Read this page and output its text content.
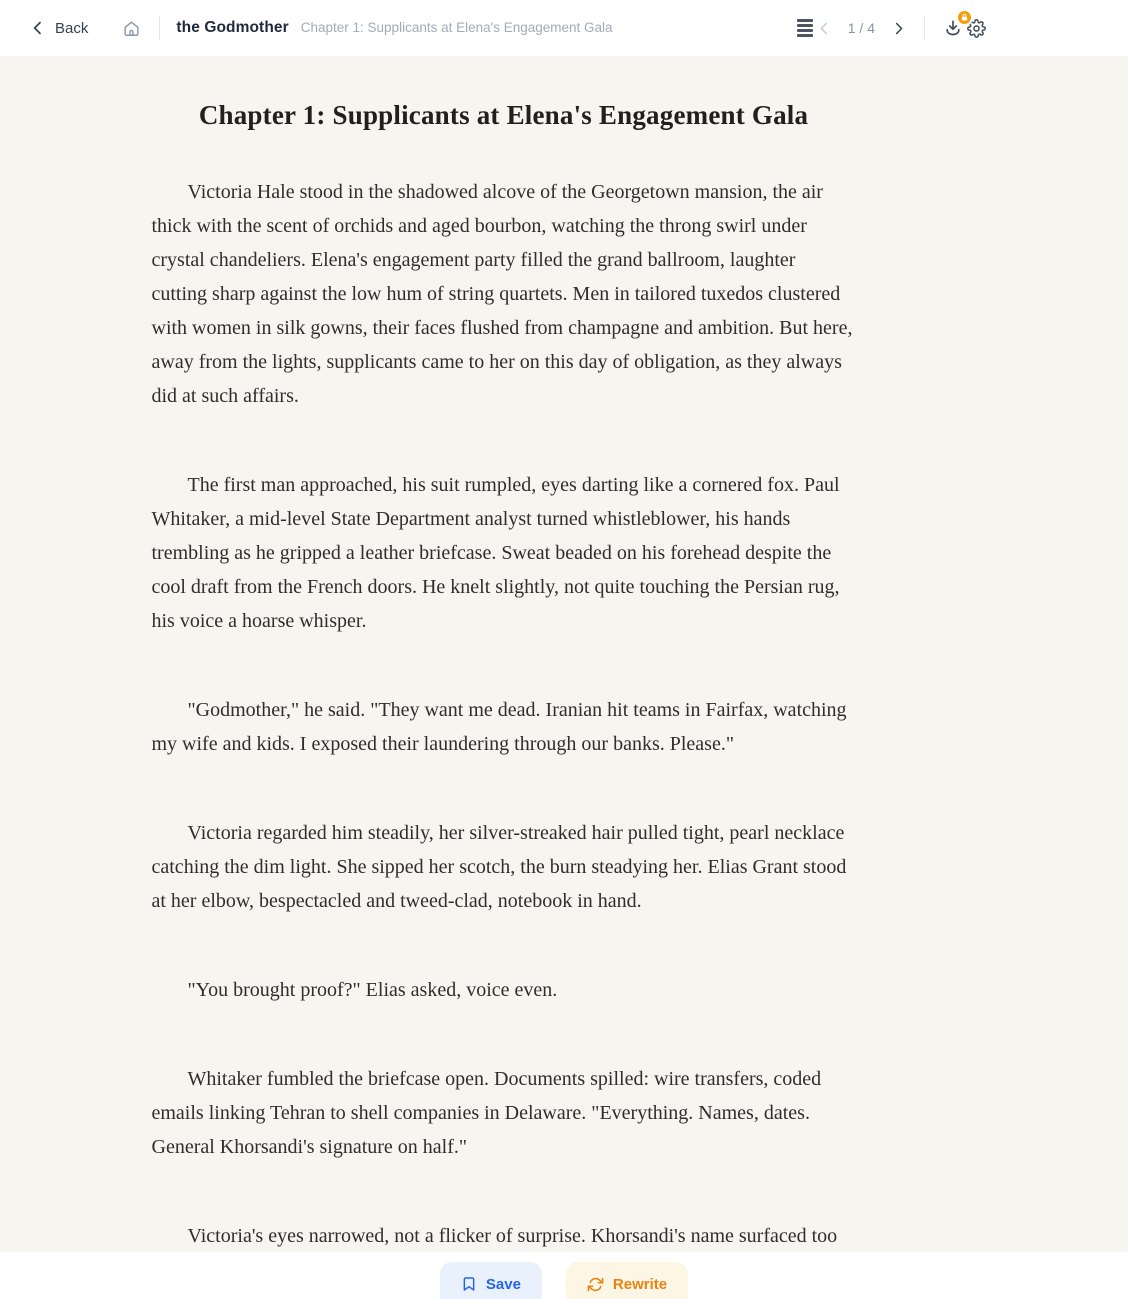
Back	the Godmother Chapter 1: Supplicants at Elena's Engagement Gala	1 / 4
Chapter 1: Supplicants at Elena's Engagement Gala

Victoria Hale stood in the shadowed alcove of the Georgetown mansion, the air thick with the scent of orchids and aged bourbon, watching the throng swirl under crystal chandeliers. Elena's engagement party filled the grand ballroom, laughter cutting sharp against the low hum of string quartets. Men in tailored tuxedos clustered with women in silk gowns, their faces flushed from champagne and ambition. But here, away from the lights, supplicants came to her on this day of obligation, as they always did at such affairs.

The first man approached, his suit rumpled, eyes darting like a cornered fox. Paul Whitaker, a mid-level State Department analyst turned whistleblower, his hands trembling as he gripped a leather briefcase. Sweat beaded on his forehead despite the cool draft from the French doors. He knelt slightly, not quite touching the Persian rug, his voice a hoarse whisper.

"Godmother," he said. "They want me dead. Iranian hit teams in Fairfax, watching my wife and kids. I exposed their laundering through our banks. Please."

Victoria regarded him steadily, her silver-streaked hair pulled tight, pearl necklace catching the dim light. She sipped her scotch, the burn steadying her. Elias Grant stood at her elbow, bespectacled and tweed-clad, notebook in hand.

"You brought proof?" Elias asked, voice even.

Whitaker fumbled the briefcase open. Documents spilled: wire transfers, coded emails linking Tehran to shell companies in Delaware. "Everything. Names, dates. General Khorsandi's signature on half."

Victoria's eyes narrowed, not a flicker of surprise. Khorsandi's name surfaced too

Save	Rewrite
